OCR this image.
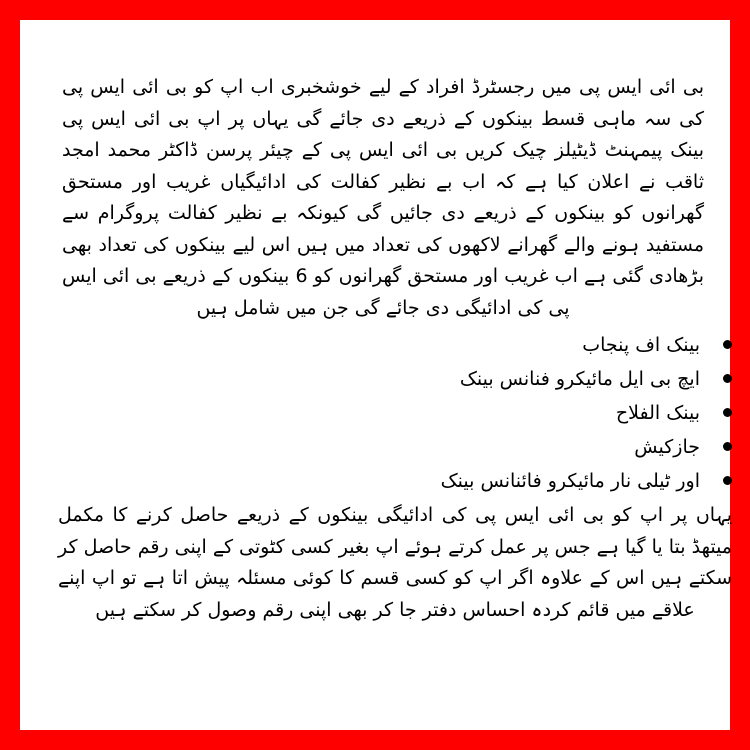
بی ائی ایس پی میں رجسٹرڈ افراد کے لیے خوشخبری اب اپ کو بی ائی ایس پی کی سہ ماہی قسط بینکوں کے ذریعے دی جائے گی یہاں پر اپ بی ائی ایس پی بینک پیمہنٹ ڈیٹیلز چیک کریں بی ائی ایس پی کے چیئر پرسن ڈاکٹر محمد امجد ثاقب نے اعلان کیا ہے کہ اب بے نظیر کفالت کی ادائیگیاں غریب اور مستحق گھرانوں کو بینکوں کے ذریعے دی جائیں گی کیونکہ بے نظیر کفالت پروگرام سے مستفید ہونے والے گھرانے لاکھوں کی تعداد میں ہیں اس لیے بینکوں کی تعداد بھی بڑھادی گئی ہے اب غریب اور مستحق گھرانوں کو 6 بینکوں کے ذریعے بی ائی ایس پی کی ادائیگی دی جائے گی جن میں شامل ہیں

بینک اف پنجاب
ایچ بی ایل مائیکرو فنانس بینک
بینک الفلاح
جازکیش
اور ٹیلی نار مائیکرو فائنانس بینک

یہاں پر اپ کو بی ائی ایس پی کی ادائیگی بینکوں کے ذریعے حاصل کرنے کا مکمل میتھڈ بتا یا گیا ہے جس پر عمل کرتے ہوئے اپ بغیر کسی کٹوتی کے اپنی رقم حاصل کر سکتے ہیں اس کے علاوہ اگر اپ کو کسی قسم کا کوئی مسئلہ پیش اتا ہے تو اپ اپنے علاقے میں قائم کردہ احساس دفتر جا کر بھی اپنی رقم وصول کر سکتے ہیں
